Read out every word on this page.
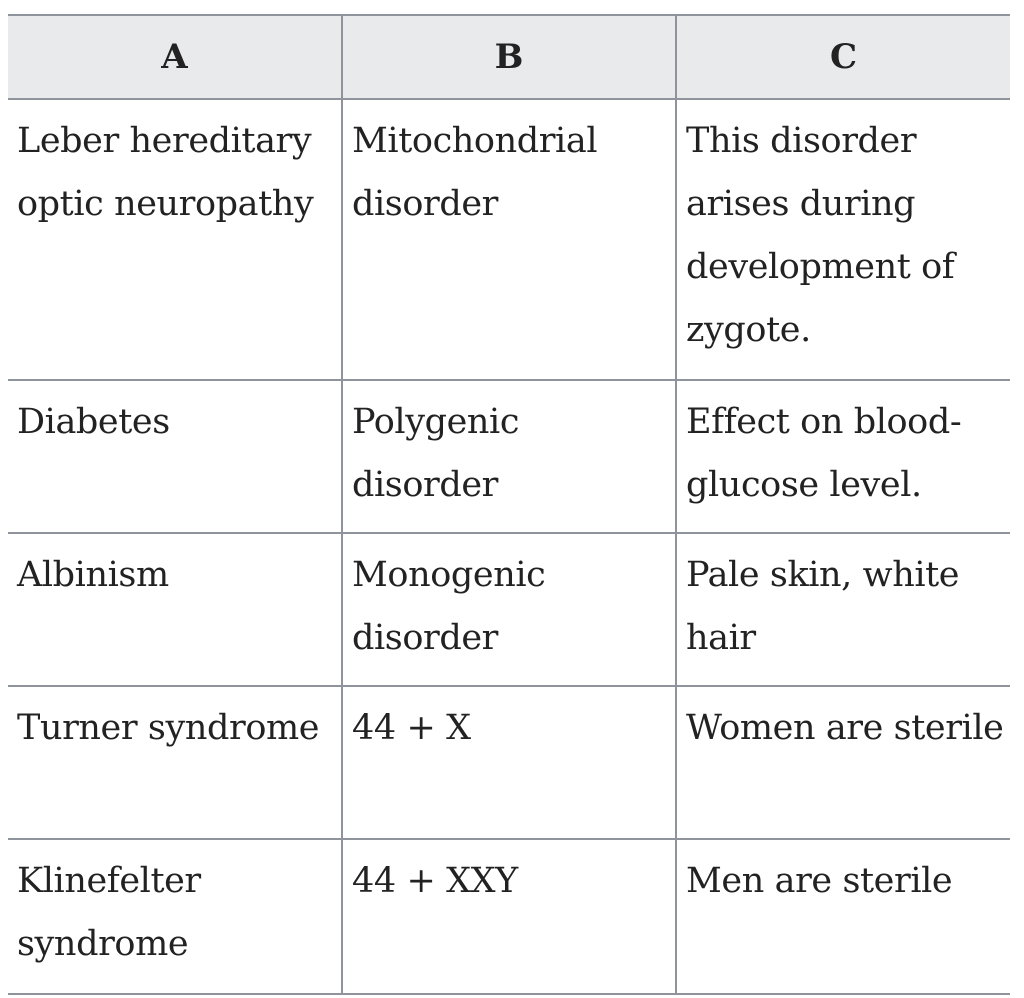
A	B	C
Leber hereditary optic neuropathy	Mitochondrial disorder	This disorder arises during development of zygote.
Diabetes	Polygenic disorder	Effect on blood-glucose level.
Albinism	Monogenic disorder	Pale skin, white hair
Turner syndrome	44 + X	Women are sterile
Klinefelter syndrome	44 + XXY	Men are sterile
